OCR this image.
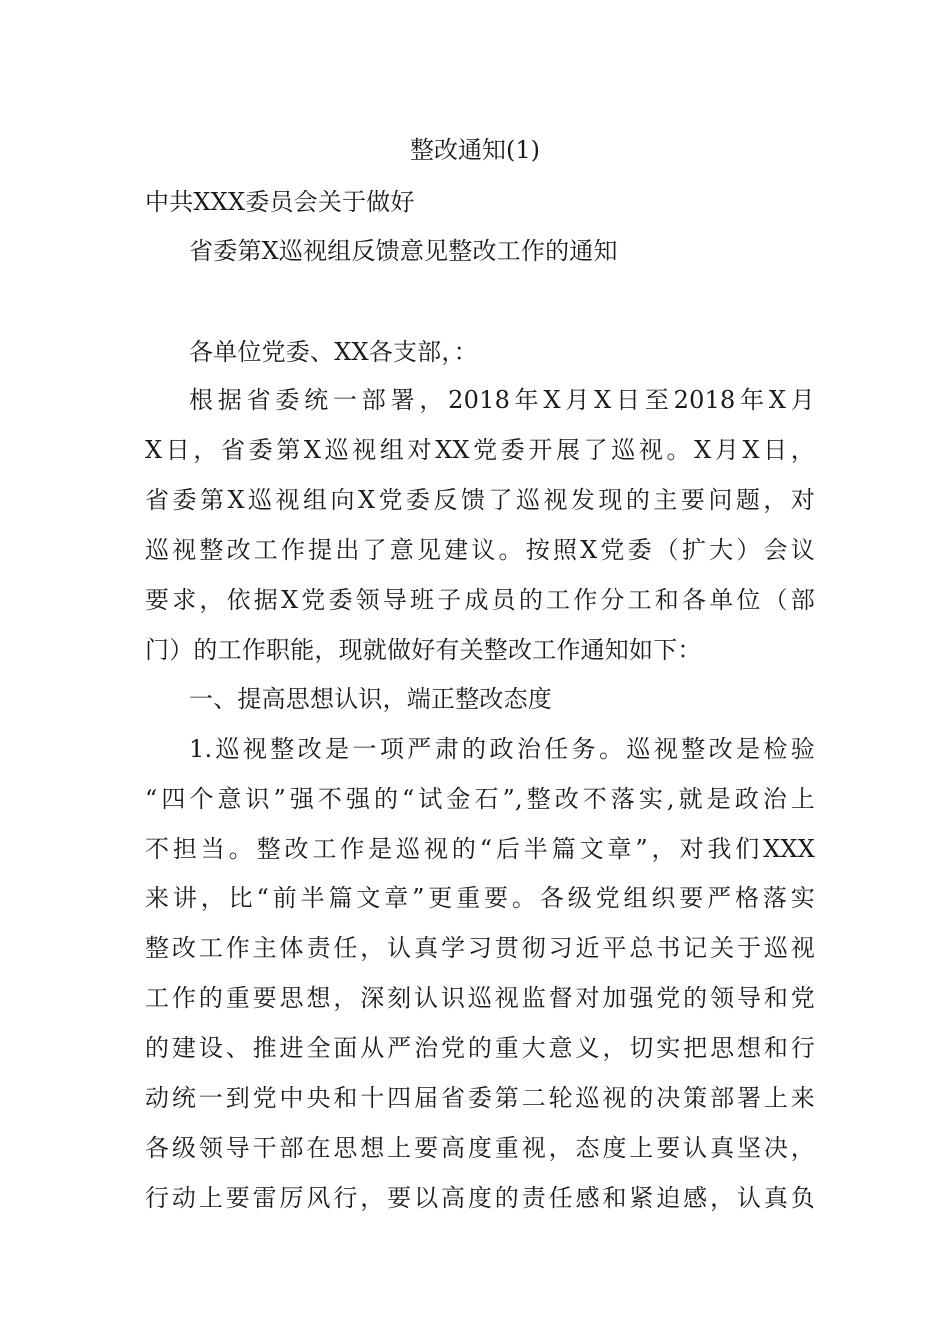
整改通知(1)
中共XXX委员会关于做好
省委第X巡视组反馈意见整改工作的通知
各单位党委、XX各支部，：
根据省委统一部署，2018年X月X日至2018年X月
X日，省委第X巡视组对XX党委开展了巡视。X月X日，
省委第X巡视组向X党委反馈了巡视发现的主要问题，对
巡视整改工作提出了意见建议。按照X党委（扩大）会议
要求，依据X党委领导班子成员的工作分工和各单位（部
门）的工作职能，现就做好有关整改工作通知如下：
一、提高思想认识，端正整改态度
1.巡视整改是一项严肃的政治任务。巡视整改是检验
“四个意识”强不强的“试金石”,整改不落实,就是政治上
不担当。整改工作是巡视的“后半篇文章”，对我们XXX
来讲，比“前半篇文章”更重要。各级党组织要严格落实
整改工作主体责任，认真学习贯彻习近平总书记关于巡视
工作的重要思想，深刻认识巡视监督对加强党的领导和党
的建设、推进全面从严治党的重大意义，切实把思想和行
动统一到党中央和十四届省委第二轮巡视的决策部署上来
各级领导干部在思想上要高度重视，态度上要认真坚决，
行动上要雷厉风行，要以高度的责任感和紧迫感，认真负
